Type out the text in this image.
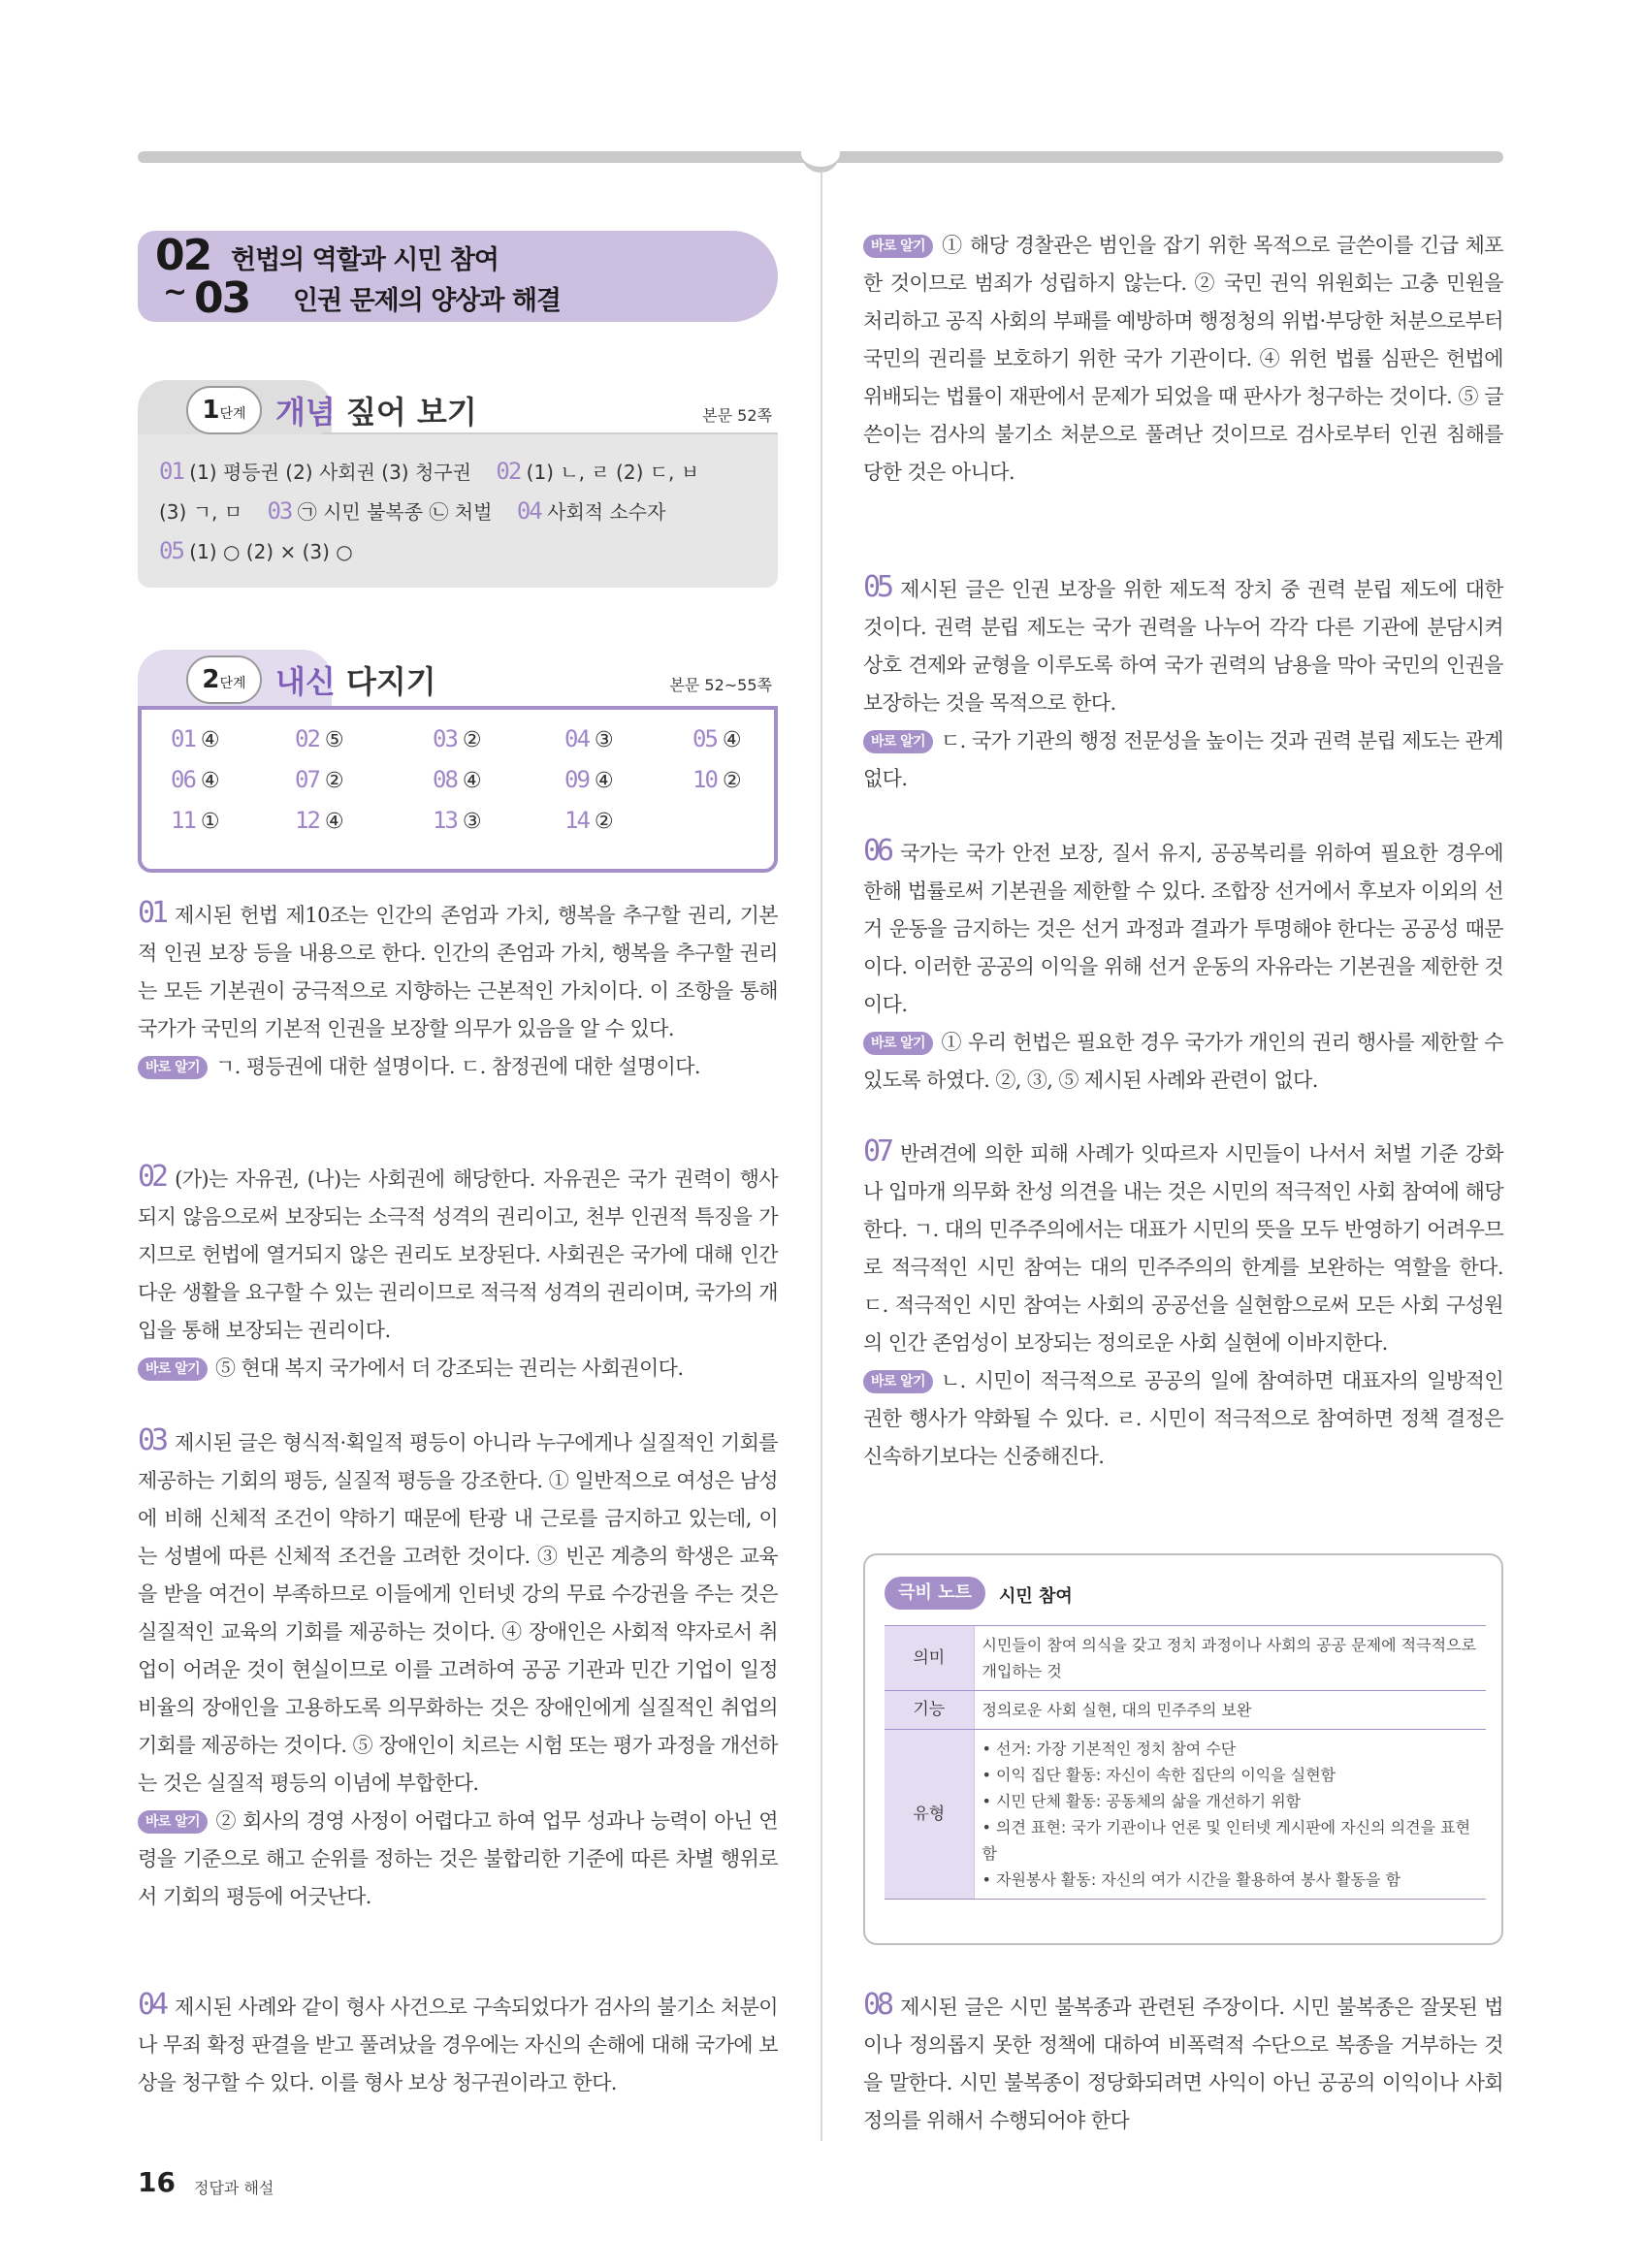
02 헌법의 역할과 시민 참여
~ 03 인권 문제의 양상과 해결
1단계 개념 짚어 보기	본문 52쪽
01 (1) 평등권 (2) 사회권 (3) 청구권 02 (1) ㄴ, ㄹ (2) ㄷ, ㅂ
(3) ㄱ, ㅁ 03 ㉠ 시민 불복종 ㉡ 처벌 04 사회적 소수자
05 (1) ○ (2) × (3) ○
2단계 내신 다지기	본문 52~55쪽
01 ④	02 ⑤	03 ②	04 ③	05 ④
06 ④	07 ②	08 ④	09 ④	10 ②
11 ①	12 ④	13 ③	14 ②
01 제시된 헌법 제10조는 인간의 존엄과 가치, 행복을 추구할 권리, 기본적 인권 보장 등을 내용으로 한다. 인간의 존엄과 가치, 행복을 추구할 권리는 모든 기본권이 궁극적으로 지향하는 근본적인 가치이다. 이 조항을 통해 국가가 국민의 기본적 인권을 보장할 의무가 있음을 알 수 있다.
바로 알기 ㄱ. 평등권에 대한 설명이다. ㄷ. 참정권에 대한 설명이다.
02 (가)는 자유권, (나)는 사회권에 해당한다. 자유권은 국가 권력이 행사되지 않음으로써 보장되는 소극적 성격의 권리이고, 천부 인권적 특징을 가지므로 헌법에 열거되지 않은 권리도 보장된다. 사회권은 국가에 대해 인간다운 생활을 요구할 수 있는 권리이므로 적극적 성격의 권리이며, 국가의 개입을 통해 보장되는 권리이다.
바로 알기 ⑤ 현대 복지 국가에서 더 강조되는 권리는 사회권이다.
03 제시된 글은 형식적·획일적 평등이 아니라 누구에게나 실질적인 기회를 제공하는 기회의 평등, 실질적 평등을 강조한다. ① 일반적으로 여성은 남성에 비해 신체적 조건이 약하기 때문에 탄광 내 근로를 금지하고 있는데, 이는 성별에 따른 신체적 조건을 고려한 것이다. ③ 빈곤 계층의 학생은 교육을 받을 여건이 부족하므로 이들에게 인터넷 강의 무료 수강권을 주는 것은 실질적인 교육의 기회를 제공하는 것이다. ④ 장애인은 사회적 약자로서 취업이 어려운 것이 현실이므로 이를 고려하여 공공 기관과 민간 기업이 일정 비율의 장애인을 고용하도록 의무화하는 것은 장애인에게 실질적인 취업의 기회를 제공하는 것이다. ⑤ 장애인이 치르는 시험 또는 평가 과정을 개선하는 것은 실질적 평등의 이념에 부합한다.
바로 알기 ② 회사의 경영 사정이 어렵다고 하여 업무 성과나 능력이 아닌 연령을 기준으로 해고 순위를 정하는 것은 불합리한 기준에 따른 차별 행위로서 기회의 평등에 어긋난다.
04 제시된 사례와 같이 형사 사건으로 구속되었다가 검사의 불기소 처분이나 무죄 확정 판결을 받고 풀려났을 경우에는 자신의 손해에 대해 국가에 보상을 청구할 수 있다. 이를 형사 보상 청구권이라고 한다.
바로 알기 ① 해당 경찰관은 범인을 잡기 위한 목적으로 글쓴이를 긴급 체포한 것이므로 범죄가 성립하지 않는다. ② 국민 권익 위원회는 고충 민원을 처리하고 공직 사회의 부패를 예방하며 행정청의 위법·부당한 처분으로부터 국민의 권리를 보호하기 위한 국가 기관이다. ④ 위헌 법률 심판은 헌법에 위배되는 법률이 재판에서 문제가 되었을 때 판사가 청구하는 것이다. ⑤ 글쓴이는 검사의 불기소 처분으로 풀려난 것이므로 검사로부터 인권 침해를 당한 것은 아니다.
05 제시된 글은 인권 보장을 위한 제도적 장치 중 권력 분립 제도에 대한 것이다. 권력 분립 제도는 국가 권력을 나누어 각각 다른 기관에 분담시켜 상호 견제와 균형을 이루도록 하여 국가 권력의 남용을 막아 국민의 인권을 보장하는 것을 목적으로 한다.
바로 알기 ㄷ. 국가 기관의 행정 전문성을 높이는 것과 권력 분립 제도는 관계없다.
06 국가는 국가 안전 보장, 질서 유지, 공공복리를 위하여 필요한 경우에 한해 법률로써 기본권을 제한할 수 있다. 조합장 선거에서 후보자 이외의 선거 운동을 금지하는 것은 선거 과정과 결과가 투명해야 한다는 공공성 때문이다. 이러한 공공의 이익을 위해 선거 운동의 자유라는 기본권을 제한한 것이다.
바로 알기 ① 우리 헌법은 필요한 경우 국가가 개인의 권리 행사를 제한할 수 있도록 하였다. ②, ③, ⑤ 제시된 사례와 관련이 없다.
07 반려견에 의한 피해 사례가 잇따르자 시민들이 나서서 처벌 기준 강화나 입마개 의무화 찬성 의견을 내는 것은 시민의 적극적인 사회 참여에 해당한다. ㄱ. 대의 민주주의에서는 대표가 시민의 뜻을 모두 반영하기 어려우므로 적극적인 시민 참여는 대의 민주주의의 한계를 보완하는 역할을 한다. ㄷ. 적극적인 시민 참여는 사회의 공공선을 실현함으로써 모든 사회 구성원의 인간 존엄성이 보장되는 정의로운 사회 실현에 이바지한다.
바로 알기 ㄴ. 시민이 적극적으로 공공의 일에 참여하면 대표자의 일방적인 권한 행사가 약화될 수 있다. ㄹ. 시민이 적극적으로 참여하면 정책 결정은 신속하기보다는 신중해진다.
극비 노트	시민 참여
의미	시민들이 참여 의식을 갖고 정치 과정이나 사회의 공공 문제에 적극적으로 개입하는 것
기능	정의로운 사회 실현, 대의 민주주의 보완
유형	• 선거: 가장 기본적인 정치 참여 수단
• 이익 집단 활동: 자신이 속한 집단의 이익을 실현함
• 시민 단체 활동: 공동체의 삶을 개선하기 위함
• 의견 표현: 국가 기관이나 언론 및 인터넷 게시판에 자신의 의견을 표현함
• 자원봉사 활동: 자신의 여가 시간을 활용하여 봉사 활동을 함
08 제시된 글은 시민 불복종과 관련된 주장이다. 시민 불복종은 잘못된 법이나 정의롭지 못한 정책에 대하여 비폭력적 수단으로 복종을 거부하는 것을 말한다. 시민 불복종이 정당화되려면 사익이 아닌 공공의 이익이나 사회 정의를 위해서 수행되어야 한다
16 정답과 해설
